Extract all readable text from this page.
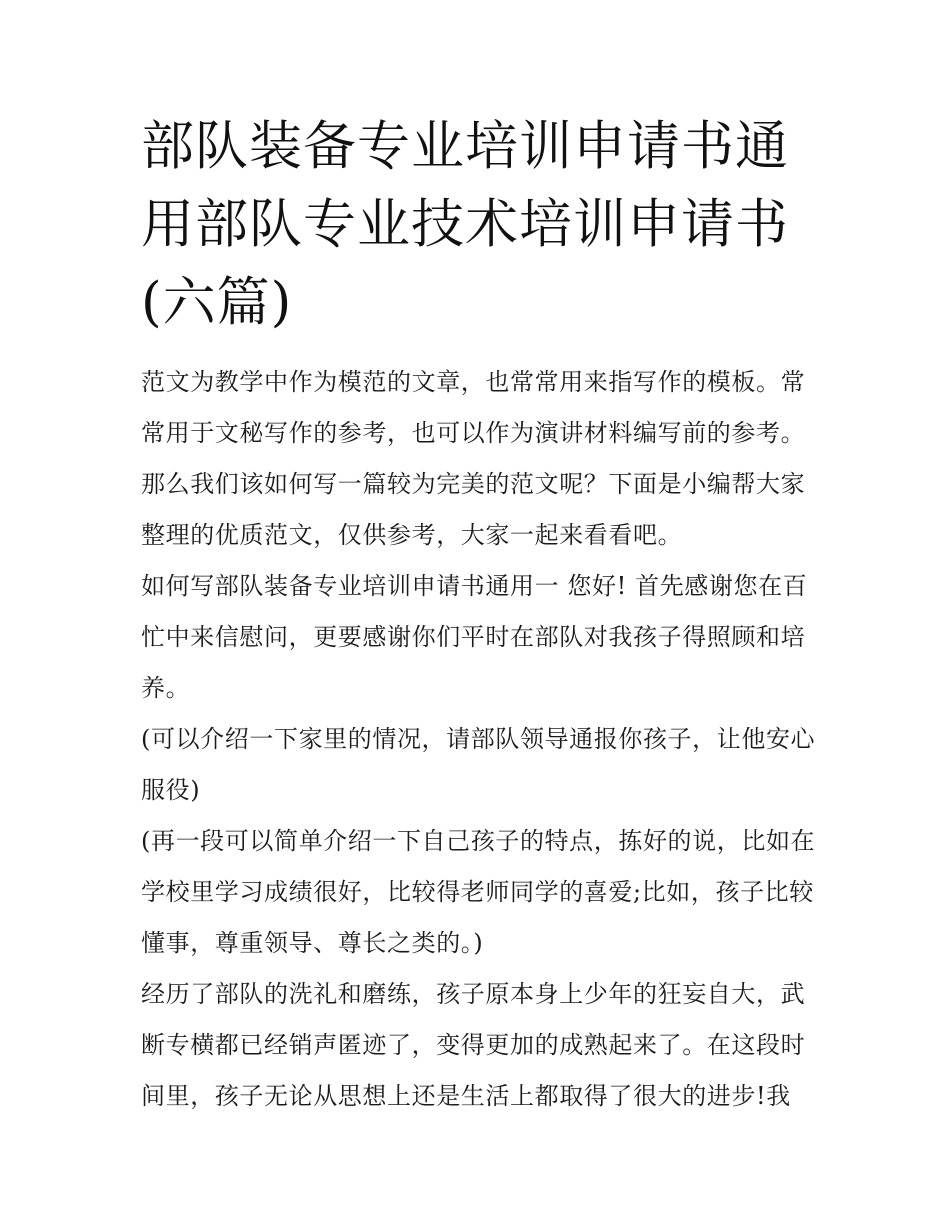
部队装备专业培训申请书通用部队专业技术培训申请书(六篇)

范文为教学中作为模范的文章，也常常用来指写作的模板。常常用于文秘写作的参考，也可以作为演讲材料编写前的参考。那么我们该如何写一篇较为完美的范文呢？下面是小编帮大家整理的优质范文，仅供参考，大家一起来看看吧。

如何写部队装备专业培训申请书通用一 您好! 首先感谢您在百忙中来信慰问，更要感谢你们平时在部队对我孩子得照顾和培养。

(可以介绍一下家里的情况，请部队领导通报你孩子，让他安心服役)

(再一段可以简单介绍一下自己孩子的特点，拣好的说，比如在学校里学习成绩很好，比较得老师同学的喜爱;比如，孩子比较懂事，尊重领导、尊长之类的。)

经历了部队的洗礼和磨练，孩子原本身上少年的狂妄自大，武断专横都已经销声匿迹了，变得更加的成熟起来了。在这段时间里，孩子无论从思想上还是生活上都取得了很大的进步!我
